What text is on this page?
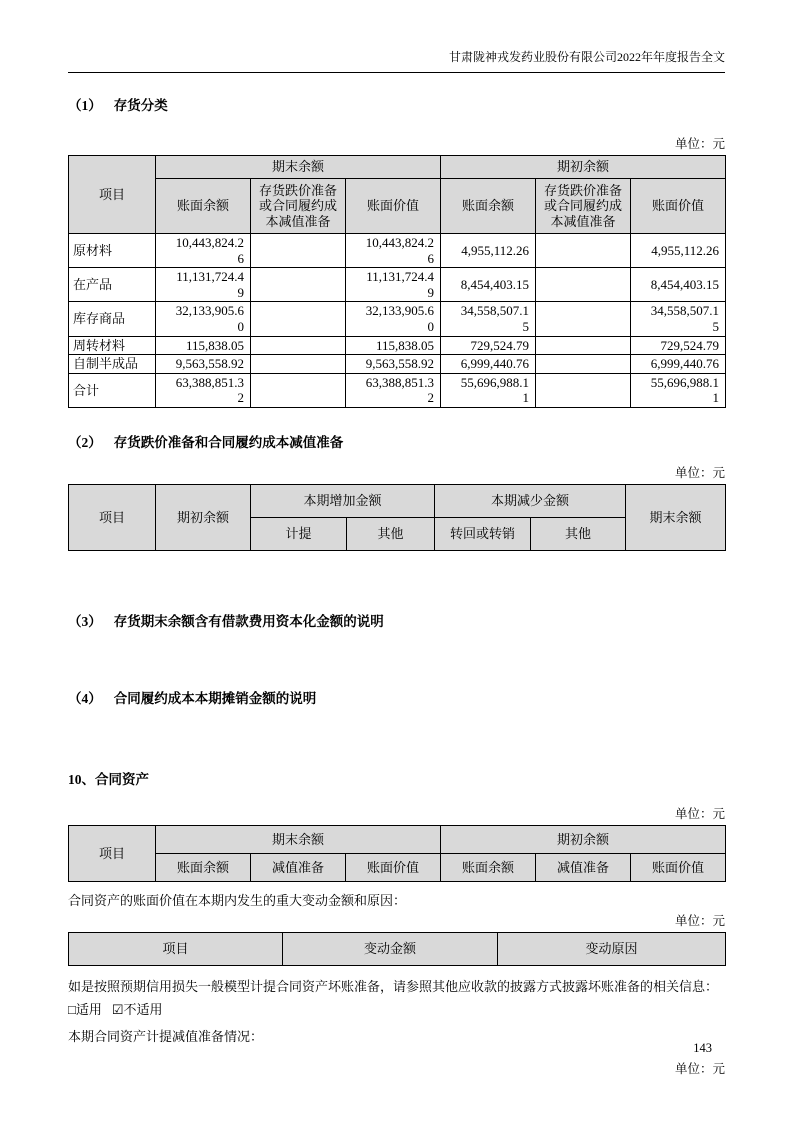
甘肃陇神戎发药业股份有限公司2022年年度报告全文
（1） 存货分类
单位：元
项目	期末余额			期初余额		
	账面余额	存货跌价准备或合同履约成本减值准备	账面价值	账面余额	存货跌价准备或合同履约成本减值准备	账面价值
原材料	10,443,824.26		10,443,824.26	4,955,112.26		4,955,112.26
在产品	11,131,724.49		11,131,724.49	8,454,403.15		8,454,403.15
库存商品	32,133,905.60		32,133,905.60	34,558,507.15		34,558,507.15
周转材料	115,838.05		115,838.05	729,524.79		729,524.79
自制半成品	9,563,558.92		9,563,558.92	6,999,440.76		6,999,440.76
合计	63,388,851.32		63,388,851.32	55,696,988.11		55,696,988.11
（2） 存货跌价准备和合同履约成本减值准备
单位：元
项目	期初余额	本期增加金额		本期减少金额		期末余额
		计提	其他	转回或转销	其他	
（3） 存货期末余额含有借款费用资本化金额的说明
（4） 合同履约成本本期摊销金额的说明
10、合同资产
单位：元
项目	期末余额			期初余额		
	账面余额	减值准备	账面价值	账面余额	减值准备	账面价值
合同资产的账面价值在本期内发生的重大变动金额和原因：
单位：元
项目	变动金额	变动原因
如是按照预期信用损失一般模型计提合同资产坏账准备，请参照其他应收款的披露方式披露坏账准备的相关信息：
□适用 ☑不适用
本期合同资产计提减值准备情况：
单位：元
143
